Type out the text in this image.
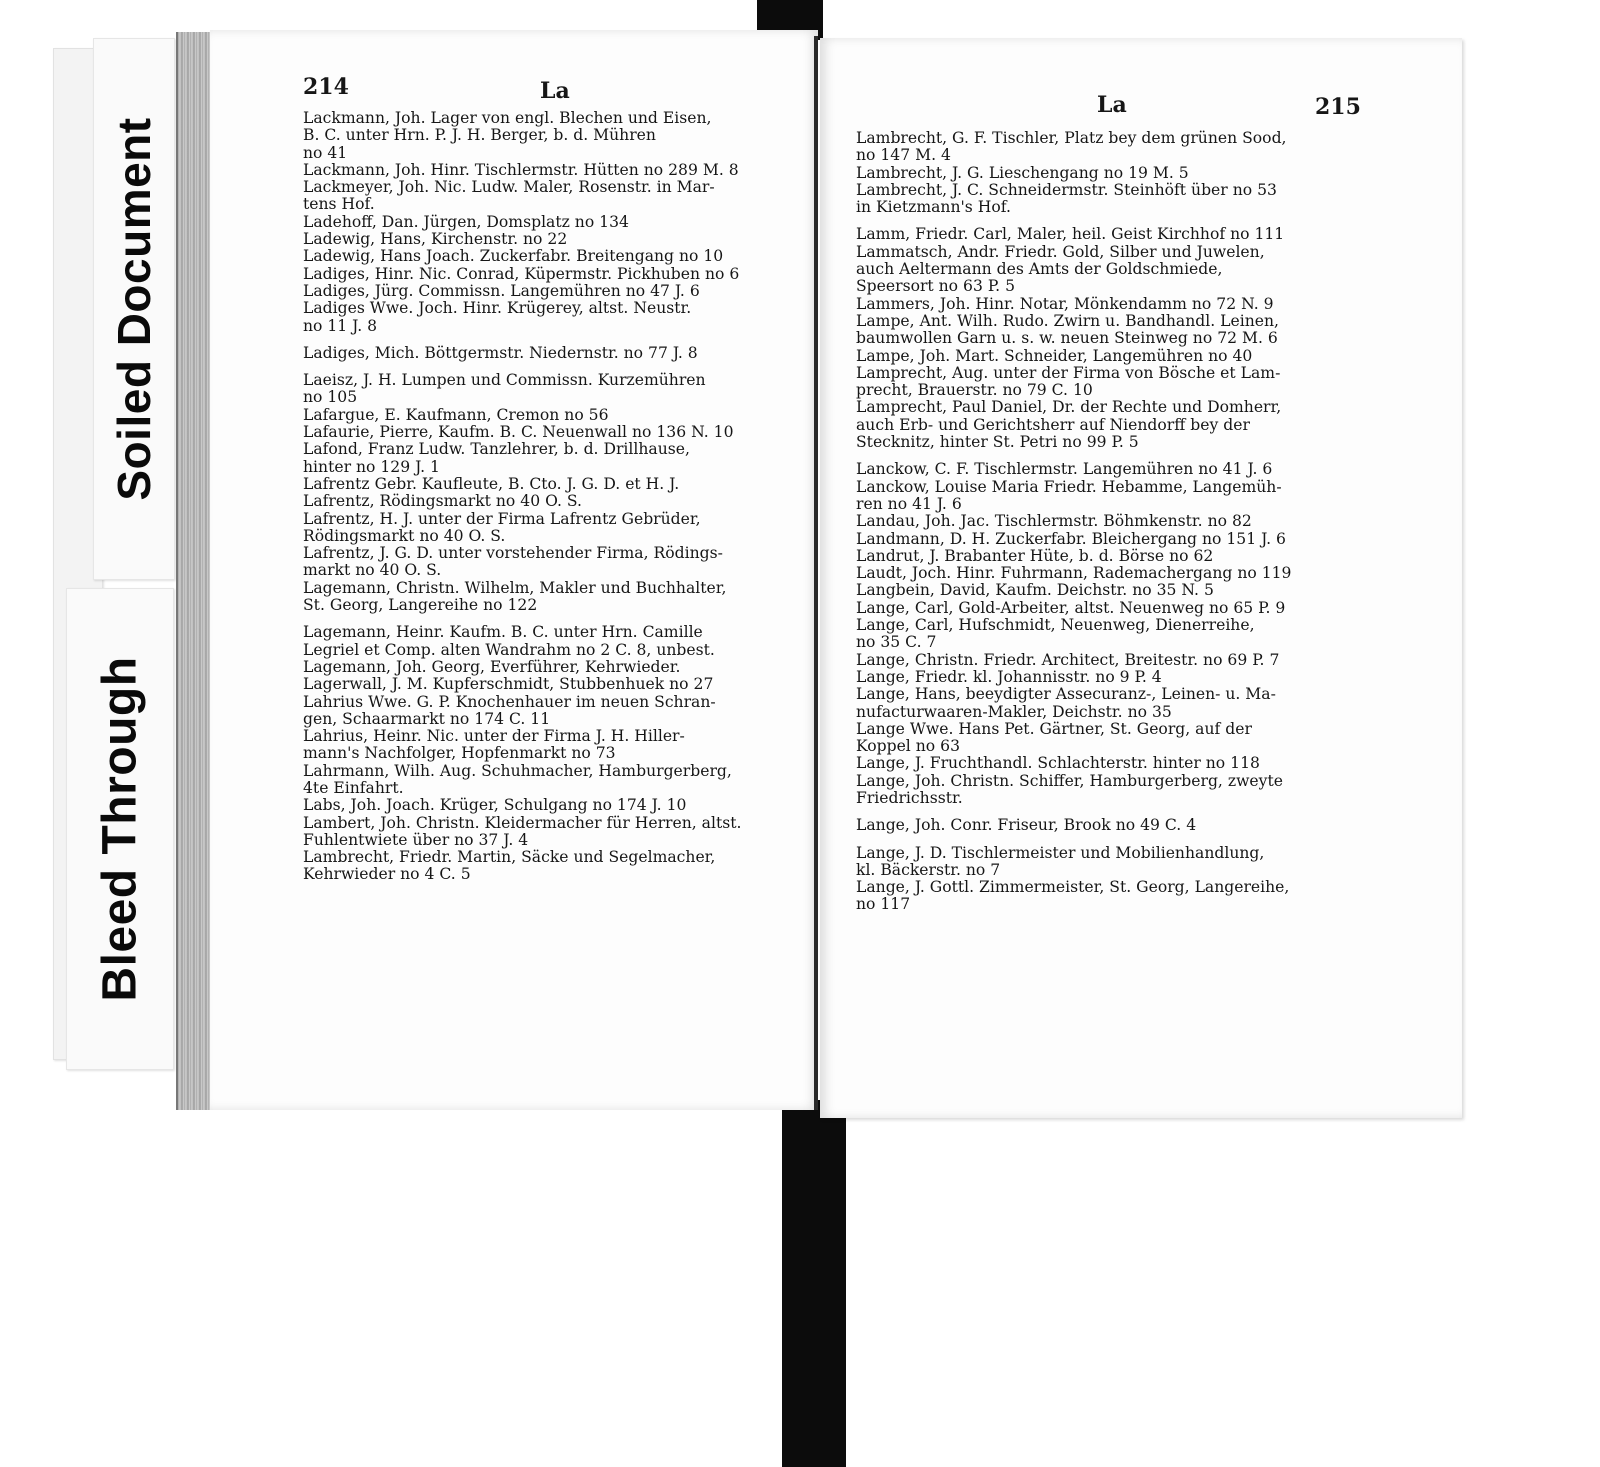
Soiled Document
Bleed Through
214	La
La	215
Lackmann, Joh. Lager von engl. Blechen und Eisen,
B. C. unter Hrn. P. J. H. Berger, b. d. Mühren
no 41
Lackmann, Joh. Hinr. Tischlermstr. Hütten no 289 M. 8
Lackmeyer, Joh. Nic. Ludw. Maler, Rosenstr. in Mar-
tens Hof.
Ladehoff, Dan. Jürgen, Domsplatz no 134
Ladewig, Hans, Kirchenstr. no 22
Ladewig, Hans Joach. Zuckerfabr. Breitengang no 10
Ladiges, Hinr. Nic. Conrad, Küpermstr. Pickhuben no 6
Ladiges, Jürg. Commissn. Langemühren no 47 J. 6
Ladiges Wwe. Joch. Hinr. Krügerey, altst. Neustr.
no 11 J. 8
Ladiges, Mich. Böttgermstr. Niedernstr. no 77 J. 8
Laeisz, J. H. Lumpen und Commissn. Kurzemühren
no 105
Lafargue, E. Kaufmann, Cremon no 56
Lafaurie, Pierre, Kaufm. B. C. Neuenwall no 136 N. 10
Lafond, Franz Ludw. Tanzlehrer, b. d. Drillhause,
hinter no 129 J. 1
Lafrentz Gebr. Kaufleute, B. Cto. J. G. D. et H. J.
Lafrentz, Rödingsmarkt no 40 O. S.
Lafrentz, H. J. unter der Firma Lafrentz Gebrüder,
Rödingsmarkt no 40 O. S.
Lafrentz, J. G. D. unter vorstehender Firma, Rödings-
markt no 40 O. S.
Lagemann, Christn. Wilhelm, Makler und Buchhalter,
St. Georg, Langereihe no 122
Lagemann, Heinr. Kaufm. B. C. unter Hrn. Camille
Legriel et Comp. alten Wandrahm no 2 C. 8, unbest.
Lagemann, Joh. Georg, Everführer, Kehrwieder.
Lagerwall, J. M. Kupferschmidt, Stubbenhuek no 27
Lahrius Wwe. G. P. Knochenhauer im neuen Schran-
gen, Schaarmarkt no 174 C. 11
Lahrius, Heinr. Nic. unter der Firma J. H. Hiller-
mann's Nachfolger, Hopfenmarkt no 73
Lahrmann, Wilh. Aug. Schuhmacher, Hamburgerberg,
4te Einfahrt.
Labs, Joh. Joach. Krüger, Schulgang no 174 J. 10
Lambert, Joh. Christn. Kleidermacher für Herren, altst.
Fuhlentwiete über no 37 J. 4
Lambrecht, Friedr. Martin, Säcke und Segelmacher,
Kehrwieder no 4 C. 5
Lambrecht, G. F. Tischler, Platz bey dem grünen Sood,
no 147 M. 4
Lambrecht, J. G. Lieschengang no 19 M. 5
Lambrecht, J. C. Schneidermstr. Steinhöft über no 53
in Kietzmann's Hof.
Lamm, Friedr. Carl, Maler, heil. Geist Kirchhof no 111
Lammatsch, Andr. Friedr. Gold, Silber und Juwelen,
auch Aeltermann des Amts der Goldschmiede,
Speersort no 63 P. 5
Lammers, Joh. Hinr. Notar, Mönkendamm no 72 N. 9
Lampe, Ant. Wilh. Rudo. Zwirn u. Bandhandl. Leinen,
baumwollen Garn u. s. w. neuen Steinweg no 72 M. 6
Lampe, Joh. Mart. Schneider, Langemühren no 40
Lamprecht, Aug. unter der Firma von Bösche et Lam-
precht, Brauerstr. no 79 C. 10
Lamprecht, Paul Daniel, Dr. der Rechte und Domherr,
auch Erb- und Gerichtsherr auf Niendorff bey der
Stecknitz, hinter St. Petri no 99 P. 5
Lanckow, C. F. Tischlermstr. Langemühren no 41 J. 6
Lanckow, Louise Maria Friedr. Hebamme, Langemüh-
ren no 41 J. 6
Landau, Joh. Jac. Tischlermstr. Böhmkenstr. no 82
Landmann, D. H. Zuckerfabr. Bleichergang no 151 J. 6
Landrut, J. Brabanter Hüte, b. d. Börse no 62
Laudt, Joch. Hinr. Fuhrmann, Rademachergang no 119
Langbein, David, Kaufm. Deichstr. no 35 N. 5
Lange, Carl, Gold-Arbeiter, altst. Neuenweg no 65 P. 9
Lange, Carl, Hufschmidt, Neuenweg, Dienerreihe,
no 35 C. 7
Lange, Christn. Friedr. Architect, Breitestr. no 69 P. 7
Lange, Friedr. kl. Johannisstr. no 9 P. 4
Lange, Hans, beeydigter Assecuranz-, Leinen- u. Ma-
nufacturwaaren-Makler, Deichstr. no 35
Lange Wwe. Hans Pet. Gärtner, St. Georg, auf der
Koppel no 63
Lange, J. Fruchthandl. Schlachterstr. hinter no 118
Lange, Joh. Christn. Schiffer, Hamburgerberg, zweyte
Friedrichsstr.
Lange, Joh. Conr. Friseur, Brook no 49 C. 4
Lange, J. D. Tischlermeister und Mobilienhandlung,
kl. Bäckerstr. no 7
Lange, J. Gottl. Zimmermeister, St. Georg, Langereihe,
no 117
